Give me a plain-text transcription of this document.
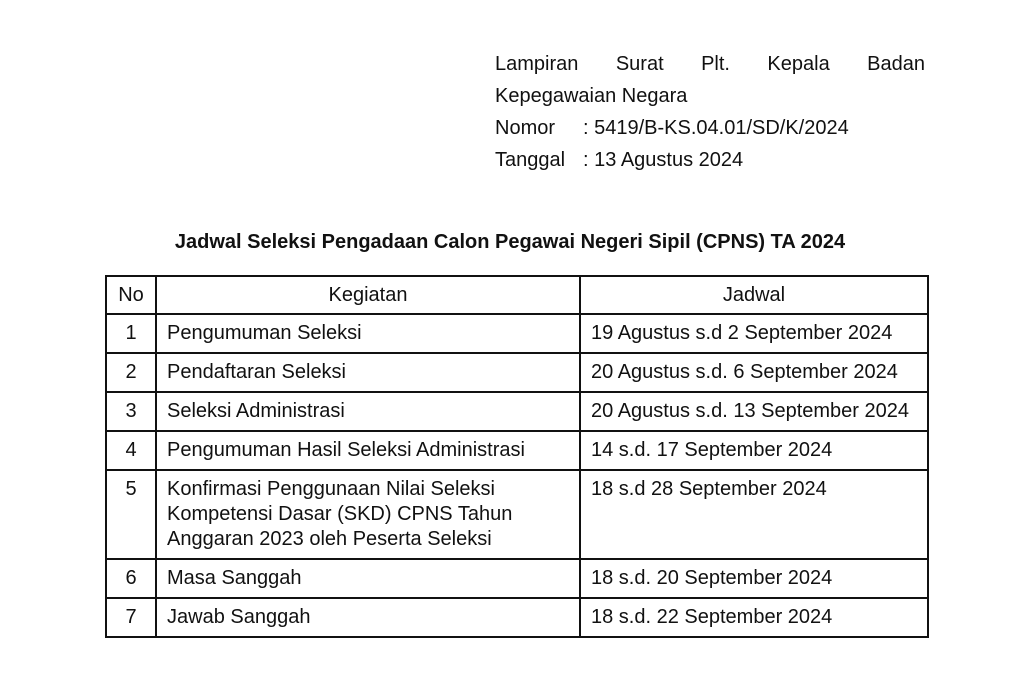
Lampiran Surat Plt. Kepala Badan
Kepegawaian Negara
Nomor : 5419/B-KS.04.01/SD/K/2024
Tanggal : 13 Agustus 2024
Jadwal Seleksi Pengadaan Calon Pegawai Negeri Sipil (CPNS) TA 2024
No	Kegiatan	Jadwal
1	Pengumuman Seleksi	19 Agustus s.d 2 September 2024
2	Pendaftaran Seleksi	20 Agustus s.d. 6 September 2024
3	Seleksi Administrasi	20 Agustus s.d. 13 September 2024
4	Pengumuman Hasil Seleksi Administrasi	14 s.d. 17 September 2024
5	Konfirmasi Penggunaan Nilai Seleksi Kompetensi Dasar (SKD) CPNS Tahun Anggaran 2023 oleh Peserta Seleksi	18 s.d 28 September 2024
6	Masa Sanggah	18 s.d. 20 September 2024
7	Jawab Sanggah	18 s.d. 22 September 2024
